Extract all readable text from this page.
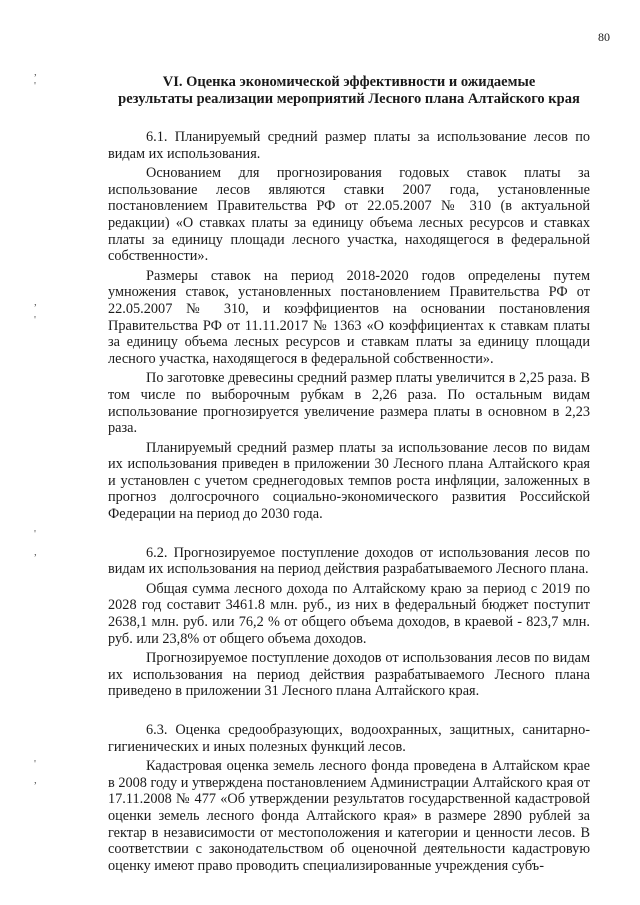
80
,
'
,
'
'
,
'
,
VI. Оценка экономической эффективности и ожидаемые
результаты реализации мероприятий Лесного плана Алтайского края

6.1. Планируемый средний размер платы за использование лесов по видам их использования.

Основанием для прогнозирования годовых ставок платы за использование лесов являются ставки 2007 года, установленные постановлением Правительства РФ от 22.05.2007 № 310 (в актуальной редакции) «О ставках платы за единицу объема лесных ресурсов и ставках платы за единицу площади лесного участка, находящегося в федеральной собственности».

Размеры ставок на период 2018-2020 годов определены путем умножения ставок, установленных постановлением Правительства РФ от 22.05.2007 № 310, и коэффициентов на основании постановления Правительства РФ от 11.11.2017 № 1363 «О коэффициентах к ставкам платы за единицу объема лесных ресурсов и ставкам платы за единицу площади лесного участка, находящегося в федеральной собственности».

По заготовке древесины средний размер платы увеличится в 2,25 раза. В том числе по выборочным рубкам в 2,26 раза. По остальным видам использование прогнозируется увеличение размера платы в основном в 2,23 раза.

Планируемый средний размер платы за использование лесов по видам их использования приведен в приложении 30 Лесного плана Алтайского края и установлен с учетом среднегодовых темпов роста инфляции, заложенных в прогноз долгосрочного социально-экономического развития Российской Федерации на период до 2030 года.

6.2. Прогнозируемое поступление доходов от использования лесов по видам их использования на период действия разрабатываемого Лесного плана.

Общая сумма лесного дохода по Алтайскому краю за период с 2019 по 2028 год составит 3461.8 млн. руб., из них в федеральный бюджет поступит 2638,1 млн. руб. или 76,2 % от общего объема доходов, в краевой - 823,7 млн. руб. или 23,8% от общего объема доходов.

Прогнозируемое поступление доходов от использования лесов по видам их использования на период действия разрабатываемого Лесного плана приведено в приложении 31 Лесного плана Алтайского края.

6.3. Оценка средообразующих, водоохранных, защитных, санитарно-гигиенических и иных полезных функций лесов.

Кадастровая оценка земель лесного фонда проведена в Алтайском крае в 2008 году и утверждена постановлением Администрации Алтайского края от 17.11.2008 № 477 «Об утверждении результатов государственной кадастровой оценки земель лесного фонда Алтайского края» в размере 2890 рублей за гектар в независимости от местоположения и категории и ценности лесов. В соответствии с законодательством об оценочной деятельности кадастровую оценку имеют право проводить специализированные учреждения субъ-
